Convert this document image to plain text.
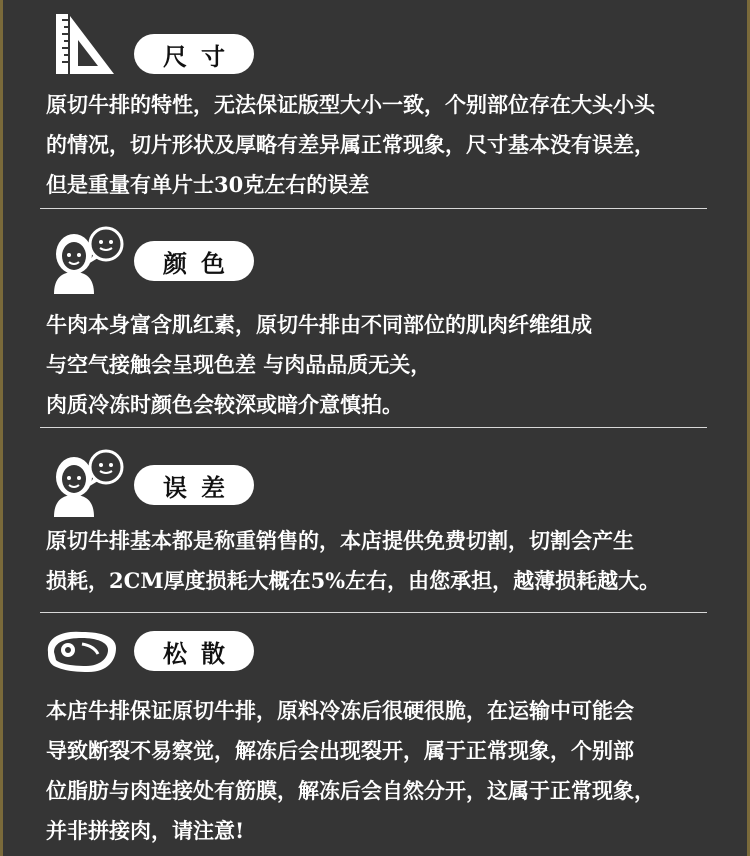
尺寸
原切牛排的特性，无法保证版型大小一致，个别部位存在大头小头
的情况，切片形状及厚略有差异属正常现象，尺寸基本没有误差，
但是重量有单片士30克左右的误差
颜色
牛肉本身富含肌红素，原切牛排由不同部位的肌肉纤维组成
与空气接触会呈现色差 与肉品品质无关，
肉质冷冻时颜色会较深或暗介意慎拍。
误差
原切牛排基本都是称重销售的，本店提供免费切割，切割会产生
损耗，2CM厚度损耗大概在5%左右，由您承担，越薄损耗越大。
松散
本店牛排保证原切牛排，原料冷冻后很硬很脆，在运输中可能会
导致断裂不易察觉，解冻后会出现裂开，属于正常现象，个别部
位脂肪与肉连接处有筋膜，解冻后会自然分开，这属于正常现象，
并非拼接肉，请注意!
